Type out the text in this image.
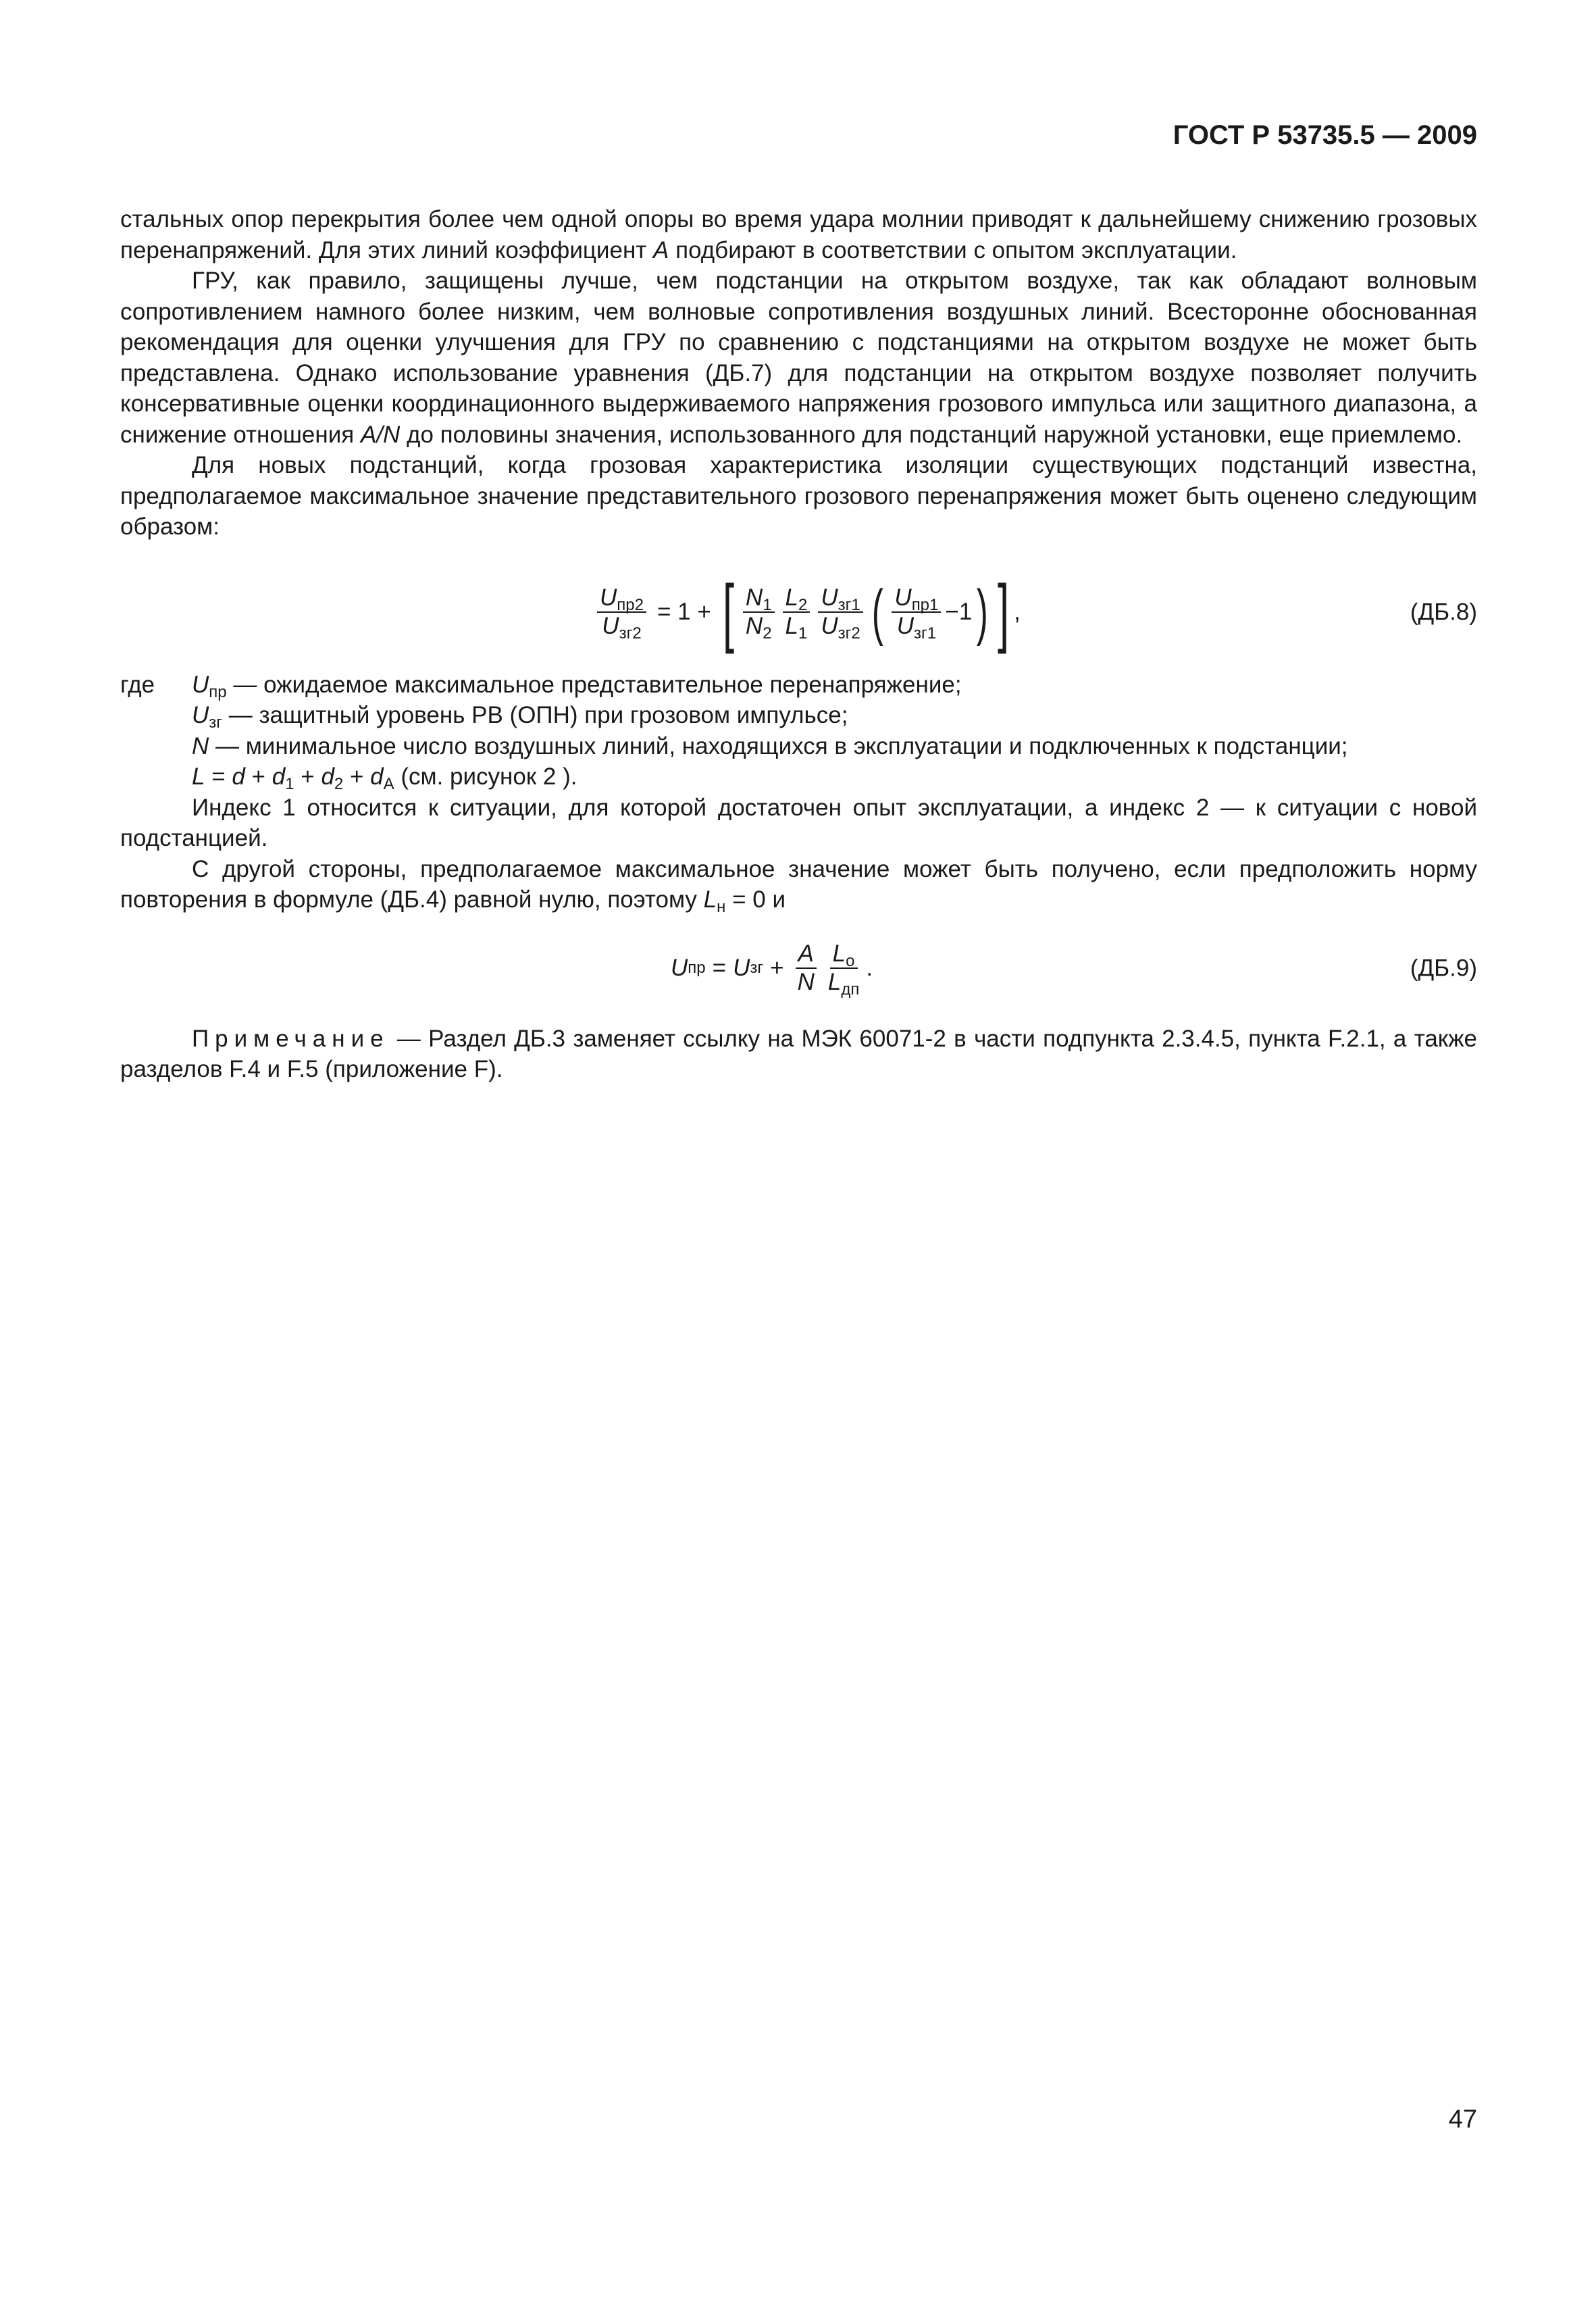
ГОСТ Р 53735.5 — 2009

стальных опор перекрытия более чем одной опоры во время удара молнии приводят к дальнейшему снижению грозовых перенапряжений. Для этих линий коэффициент A подбирают в соответствии с опытом эксплуатации.

ГРУ, как правило, защищены лучше, чем подстанции на открытом воздухе, так как обладают волновым сопротивлением намного более низким, чем волновые сопротивления воздушных линий. Всесторонне обоснованная рекомендация для оценки улучшения для ГРУ по сравнению с подстанциями на открытом воздухе не может быть представлена. Однако использование уравнения (ДБ.7) для подстанции на открытом воздухе позволяет получить консервативные оценки координационного выдерживаемого напряжения грозового импульса или защитного диапазона, а снижение отношения A/N до половины значения, использованного для подстанций наружной установки, еще приемлемо.

Для новых подстанций, когда грозовая характеристика изоляции существующих подстанций известна, предполагаемое максимальное значение представительного грозового перенапряжения может быть оценено следующим образом:

$\frac{U_{пр2}}{U_{зг2}} = 1$ + [ $\frac{N_1}{N_2} \frac{L_2}{L_1} \frac{U_{зг1}}{U_{зг2}}$ ( $\frac{U_{пр1}}{U_{зг1}} -1$ ) ] ,	(ДБ.8)
где	$U_{пр}$ — ожидаемое максимальное представительное перенапряжение;
$U_{зг}$ — защитный уровень РВ (ОПН) при грозовом импульсе;
N — минимальное число воздушных линий, находящихся в эксплуатации и подключенных к подстанции;
$L = d + d_1 + d_2 + d_A$ (см. рисунок 2 ).

Индекс 1 относится к ситуации, для которой достаточен опыт эксплуатации, а индекс 2 — к ситуации с новой подстанцией.

С другой стороны, предполагаемое максимальное значение может быть получено, если предположить норму повторения в формуле (ДБ.4) равной нулю, поэтому $L_н = 0$ и

U пр = U зг + $\frac{A}{N} \frac{L_о}{L_{дп}}$ .	(ДБ.9)

Примечание — Раздел ДБ.3 заменяет ссылку на МЭК 60071-2 в части подпункта 2.3.4.5, пункта F.2.1, а также разделов F.4 и F.5 (приложение F).

47
